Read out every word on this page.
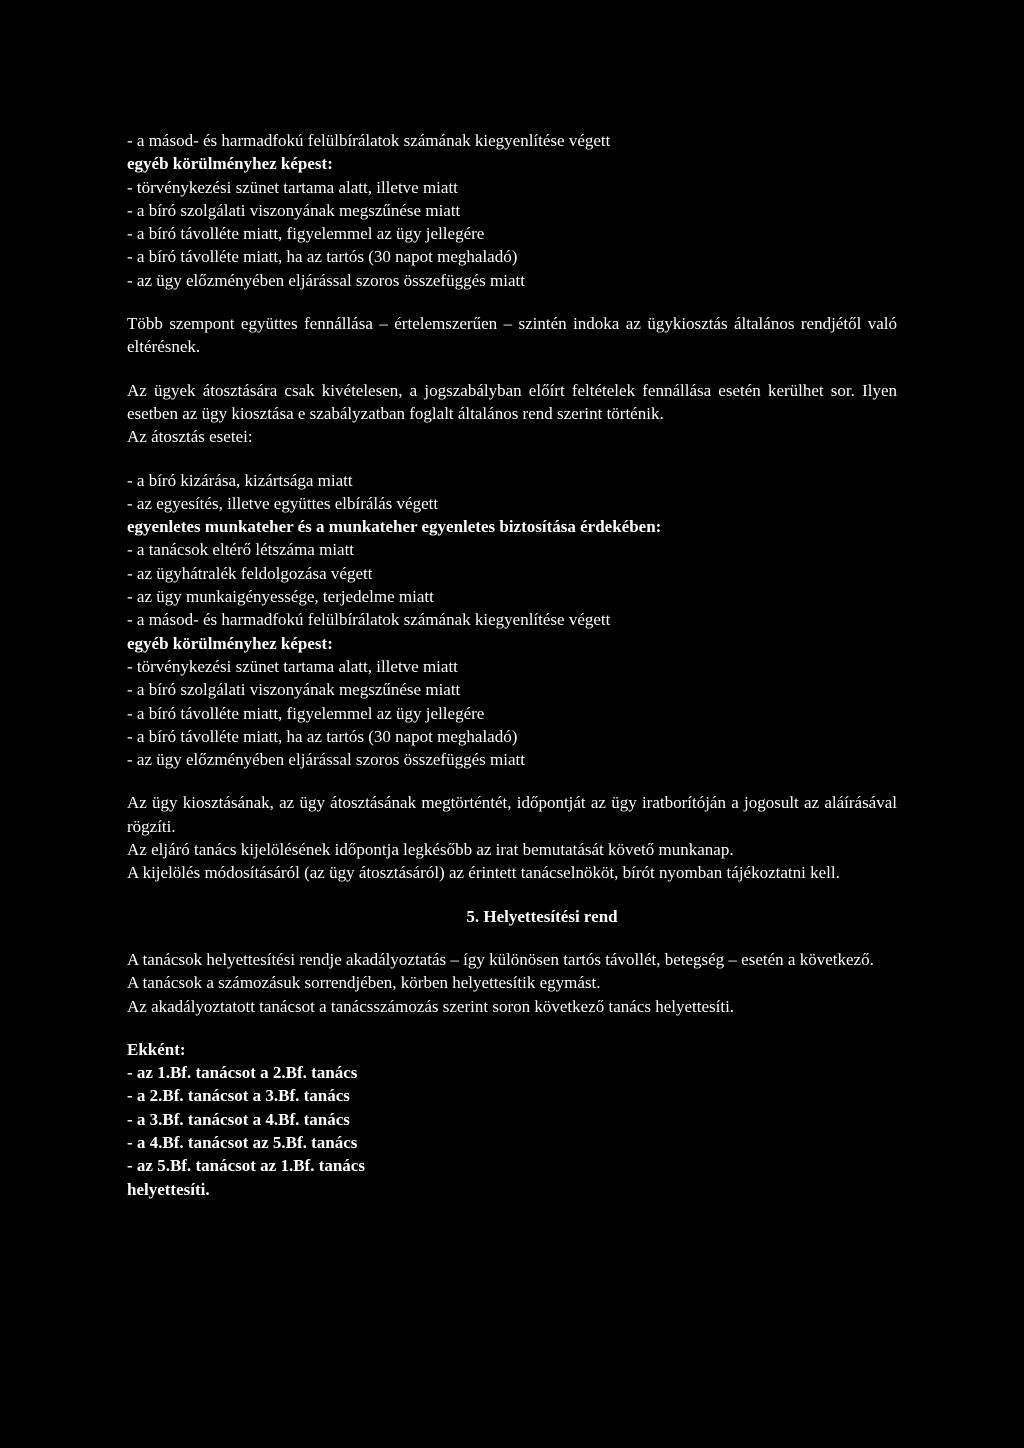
- a másod- és harmadfokú felülbírálatok számának kiegyenlítése végett
egyéb körülményhez képest:
- törvénykezési szünet tartama alatt, illetve miatt
- a bíró szolgálati viszonyának megszűnése miatt
- a bíró távolléte miatt, figyelemmel az ügy jellegére
- a bíró távolléte miatt, ha az tartós (30 napot meghaladó)
- az ügy előzményében eljárással szoros összefüggés miatt
Több szempont együttes fennállása – értelemszerűen – szintén indoka az ügykiosztás általános rendjétől való eltérésnek.
Az ügyek átosztására csak kivételesen, a jogszabályban előírt feltételek fennállása esetén kerülhet sor. Ilyen esetben az ügy kiosztása e szabályzatban foglalt általános rend szerint történik.
Az átosztás esetei:
- a bíró kizárása, kizártsága miatt
- az egyesítés, illetve együttes elbírálás végett
egyenletes munkateher és a munkateher egyenletes biztosítása érdekében:
- a tanácsok eltérő létszáma miatt
- az ügyhátralék feldolgozása végett
- az ügy munkaigényessége, terjedelme miatt
- a másod- és harmadfokú felülbírálatok számának kiegyenlítése végett
egyéb körülményhez képest:
- törvénykezési szünet tartama alatt, illetve miatt
- a bíró szolgálati viszonyának megszűnése miatt
- a bíró távolléte miatt, figyelemmel az ügy jellegére
- a bíró távolléte miatt, ha az tartós (30 napot meghaladó)
- az ügy előzményében eljárással szoros összefüggés miatt
Az ügy kiosztásának, az ügy átosztásának megtörténtét, időpontját az ügy iratborítóján a jogosult az aláírásával rögzíti.
Az eljáró tanács kijelölésének időpontja legkésőbb az irat bemutatását követő munkanap.
A kijelölés módosításáról (az ügy átosztásáról) az érintett tanácselnököt, bírót nyomban tájékoztatni kell.
5. Helyettesítési rend
A tanácsok helyettesítési rendje akadályoztatás – így különösen tartós távollét, betegség – esetén a következő.
A tanácsok a számozásuk sorrendjében, körben helyettesítik egymást.
Az akadályoztatott tanácsot a tanácsszámozás szerint soron következő tanács helyettesíti.
Ekként:
- az 1.Bf. tanácsot a 2.Bf. tanács
- a 2.Bf. tanácsot a 3.Bf. tanács
- a 3.Bf. tanácsot a 4.Bf. tanács
- a 4.Bf. tanácsot az 5.Bf. tanács
- az 5.Bf. tanácsot az 1.Bf. tanács
helyettesíti.
